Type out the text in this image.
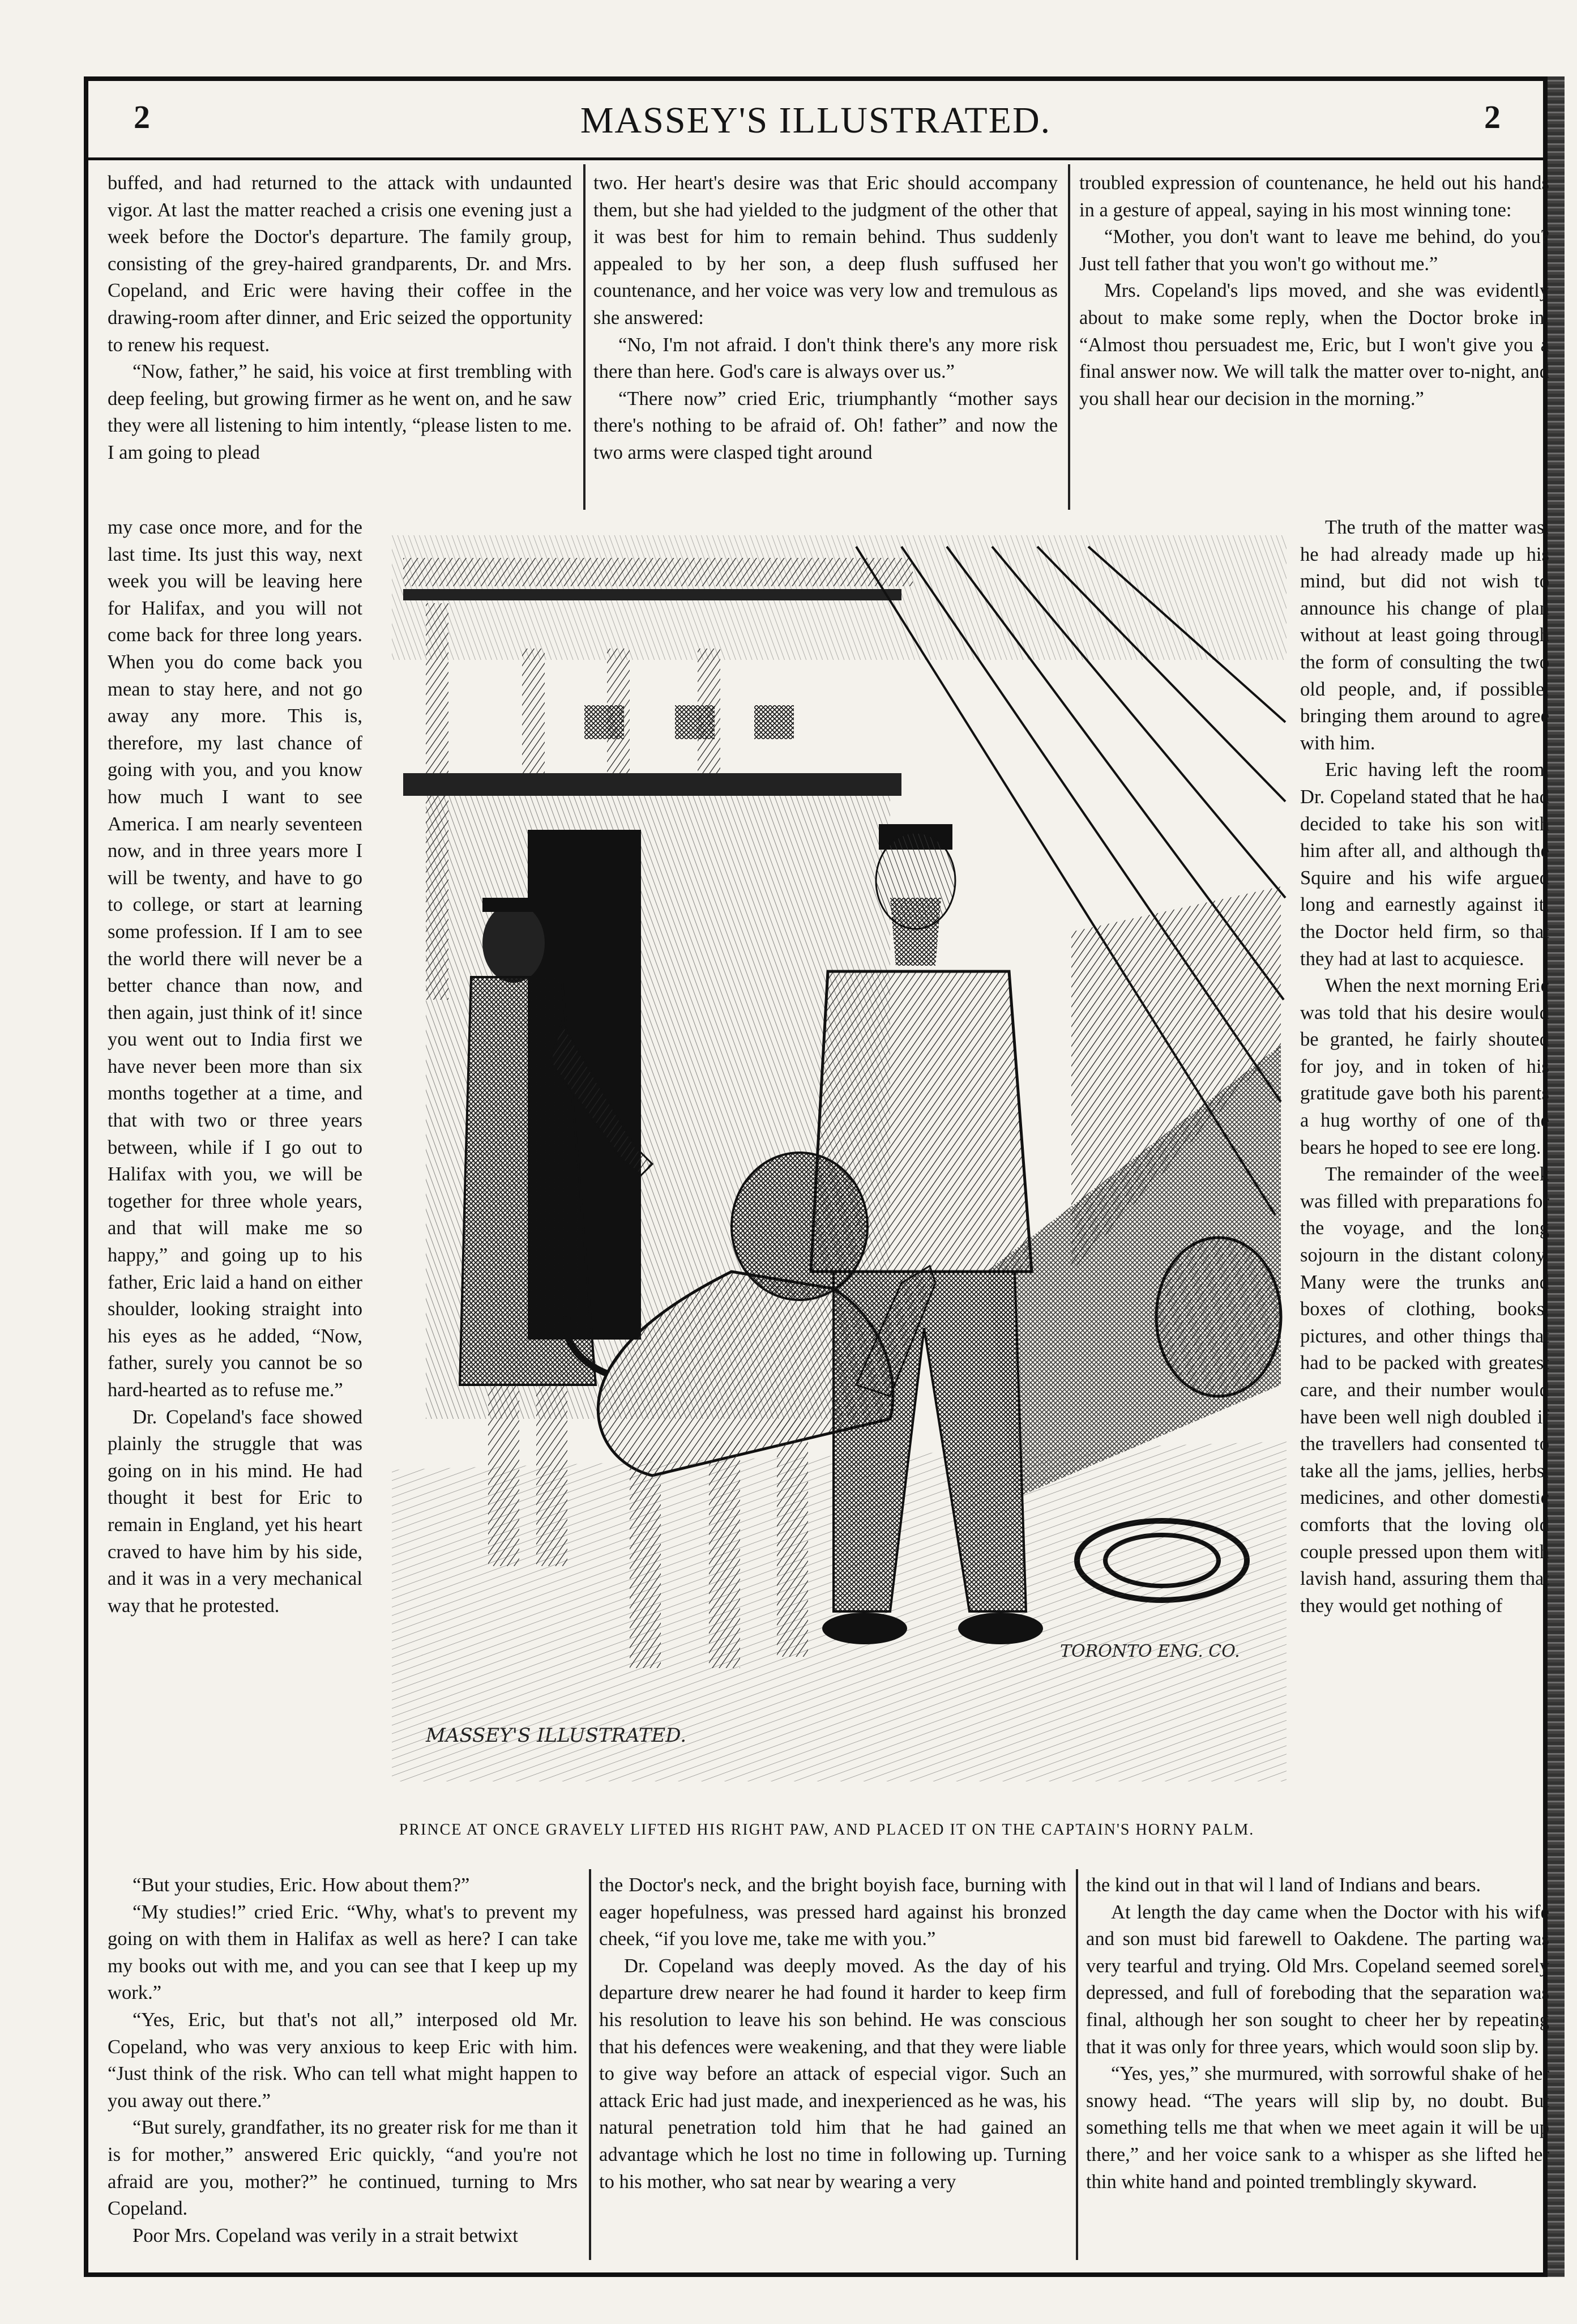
2	MASSEY'S ILLUSTRATED.	2

buffed, and had returned to the attack with undaunted vigor. At last the matter reached a crisis one evening just a week before the Doctor's departure. The family group, consisting of the grey-haired grandparents, Dr. and Mrs. Copeland, and Eric were having their coffee in the drawing-room after dinner, and Eric seized the opportunity to renew his request.

“Now, father,” he said, his voice at first trembling with deep feeling, but growing firmer as he went on, and he saw they were all listening to him intently, “please listen to me. I am going to plead

two. Her heart's desire was that Eric should accompany them, but she had yielded to the judgment of the other that it was best for him to remain behind. Thus suddenly appealed to by her son, a deep flush suffused her countenance, and her voice was very low and tremulous as she answered:

“No, I'm not afraid. I don't think there's any more risk there than here. God's care is always over us.”

“There now” cried Eric, triumphantly “mother says there's nothing to be afraid of. Oh! father” and now the two arms were clasped tight around

troubled expression of countenance, he held out his hands in a gesture of appeal, saying in his most winning tone:

“Mother, you don't want to leave me behind, do you? Just tell father that you won't go without me.”

Mrs. Copeland's lips moved, and she was evidently about to make some reply, when the Doctor broke in. “Almost thou persuadest me, Eric, but I won't give you a final answer now. We will talk the matter over to-night, and you shall hear our decision in the morning.”

my case once more, and for the last time. Its just this way, next week you will be leaving here for Halifax, and you will not come back for three long years. When you do come back you mean to stay here, and not go away any more. This is, therefore, my last chance of going with you, and you know how much I want to see America. I am nearly seventeen now, and in three years more I will be twenty, and have to go to college, or start at learning some profession. If I am to see the world there will never be a better chance than now, and then again, just think of it! since you went out to India first we have never been more than six months together at a time, and that with two or three years between, while if I go out to Halifax with you, we will be together for three whole years, and that will make me so happy,” and going up to his father, Eric laid a hand on either shoulder, looking straight into his eyes as he added, “Now, father, surely you cannot be so hard-hearted as to refuse me.”

Dr. Copeland's face showed plainly the struggle that was going on in his mind. He had thought it best for Eric to remain in England, yet his heart craved to have him by his side, and it was in a very mechanical way that he protested.

The truth of the matter was, he had already made up his mind, but did not wish to announce his change of plan without at least going through the form of consulting the two old people, and, if possible, bringing them around to agree with him.

Eric having left the room, Dr. Copeland stated that he had decided to take his son with him after all, and although the Squire and his wife argued long and earnestly against it, the Doctor held firm, so that they had at last to acquiesce.

When the next morning Eric was told that his desire would be granted, he fairly shouted for joy, and in token of his gratitude gave both his parents a hug worthy of one of the bears he hoped to see ere long.

The remainder of the week was filled with preparations for the voyage, and the long sojourn in the distant colony. Many were the trunks and boxes of clothing, books, pictures, and other things that had to be packed with greatest care, and their number would have been well nigh doubled if the travellers had consented to take all the jams, jellies, herbs, medicines, and other domestic comforts that the loving old couple pressed upon them with lavish hand, assuring them that they would get nothing of

MASSEY'S ILLUSTRATED.
TORONTO ENG. CO.
PRINCE AT ONCE GRAVELY LIFTED HIS RIGHT PAW, AND PLACED IT ON THE CAPTAIN'S HORNY PALM.

“But your studies, Eric. How about them?”

“My studies!” cried Eric. “Why, what's to prevent my going on with them in Halifax as well as here? I can take my books out with me, and you can see that I keep up my work.”

“Yes, Eric, but that's not all,” interposed old Mr. Copeland, who was very anxious to keep Eric with him. “Just think of the risk. Who can tell what might happen to you away out there.”

“But surely, grandfather, its no greater risk for me than it is for mother,” answered Eric quickly, “and you're not afraid are you, mother?” he continued, turning to Mrs Copeland.

Poor Mrs. Copeland was verily in a strait betwixt

the Doctor's neck, and the bright boyish face, burning with eager hopefulness, was pressed hard against his bronzed cheek, “if you love me, take me with you.”

Dr. Copeland was deeply moved. As the day of his departure drew nearer he had found it harder to keep firm his resolution to leave his son behind. He was conscious that his defences were weakening, and that they were liable to give way before an attack of especial vigor. Such an attack Eric had just made, and inexperienced as he was, his natural penetration told him that he had gained an advantage which he lost no time in following up. Turning to his mother, who sat near by wearing a very

the kind out in that wil l land of Indians and bears.

At length the day came when the Doctor with his wife and son must bid farewell to Oakdene. The parting was very tearful and trying. Old Mrs. Copeland seemed sorely depressed, and full of foreboding that the separation was final, although her son sought to cheer her by repeating that it was only for three years, which would soon slip by.

“Yes, yes,” she murmured, with sorrowful shake of her snowy head. “The years will slip by, no doubt. But something tells me that when we meet again it will be up there,” and her voice sank to a whisper as she lifted her thin white hand and pointed tremblingly skyward.
